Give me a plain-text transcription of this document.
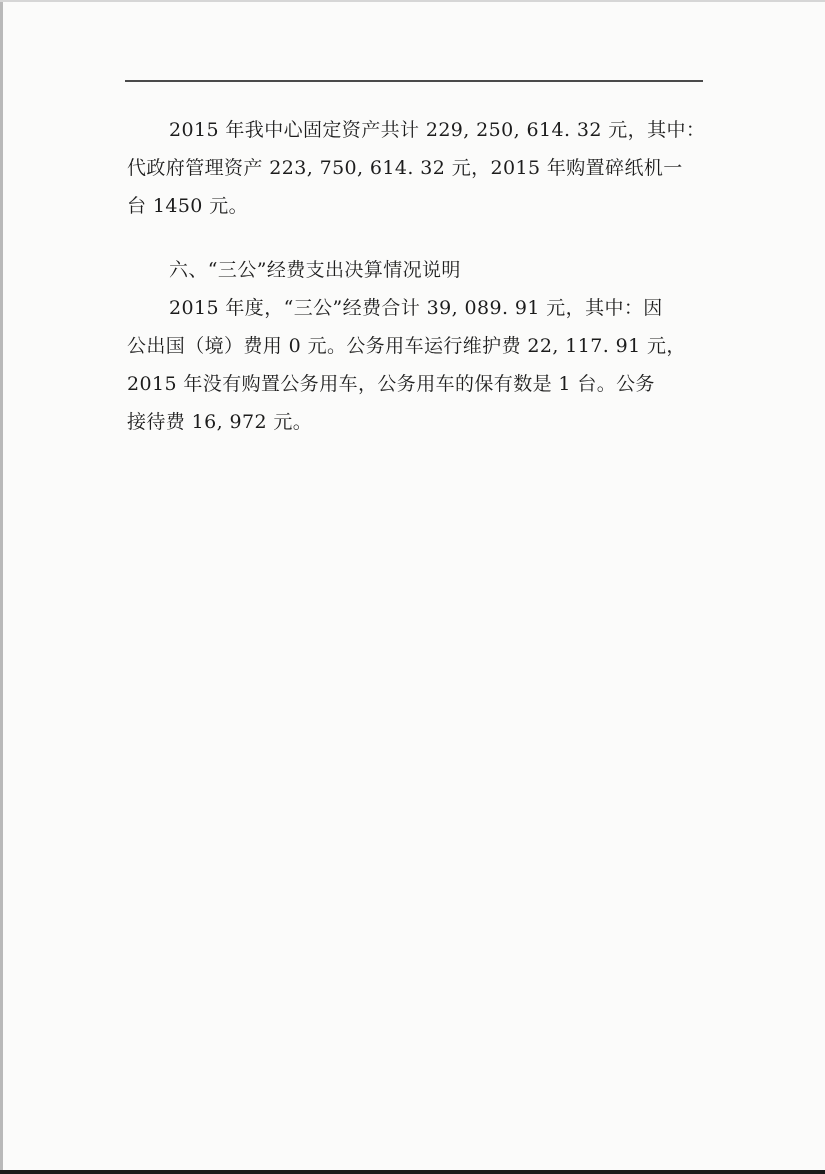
2015 年我中心固定资产共计 229, 250, 614. 32 元，其中：
代政府管理资产 223, 750, 614. 32 元，2015 年购置碎纸机一
台 1450 元。

六、“三公”经费支出决算情况说明

2015 年度，“三公”经费合计 39, 089. 91 元，其中：因
公出国（境）费用 0 元。公务用车运行维护费 22, 117. 91 元，
2015 年没有购置公务用车，公务用车的保有数是 1 台。公务
接待费 16, 972 元。
